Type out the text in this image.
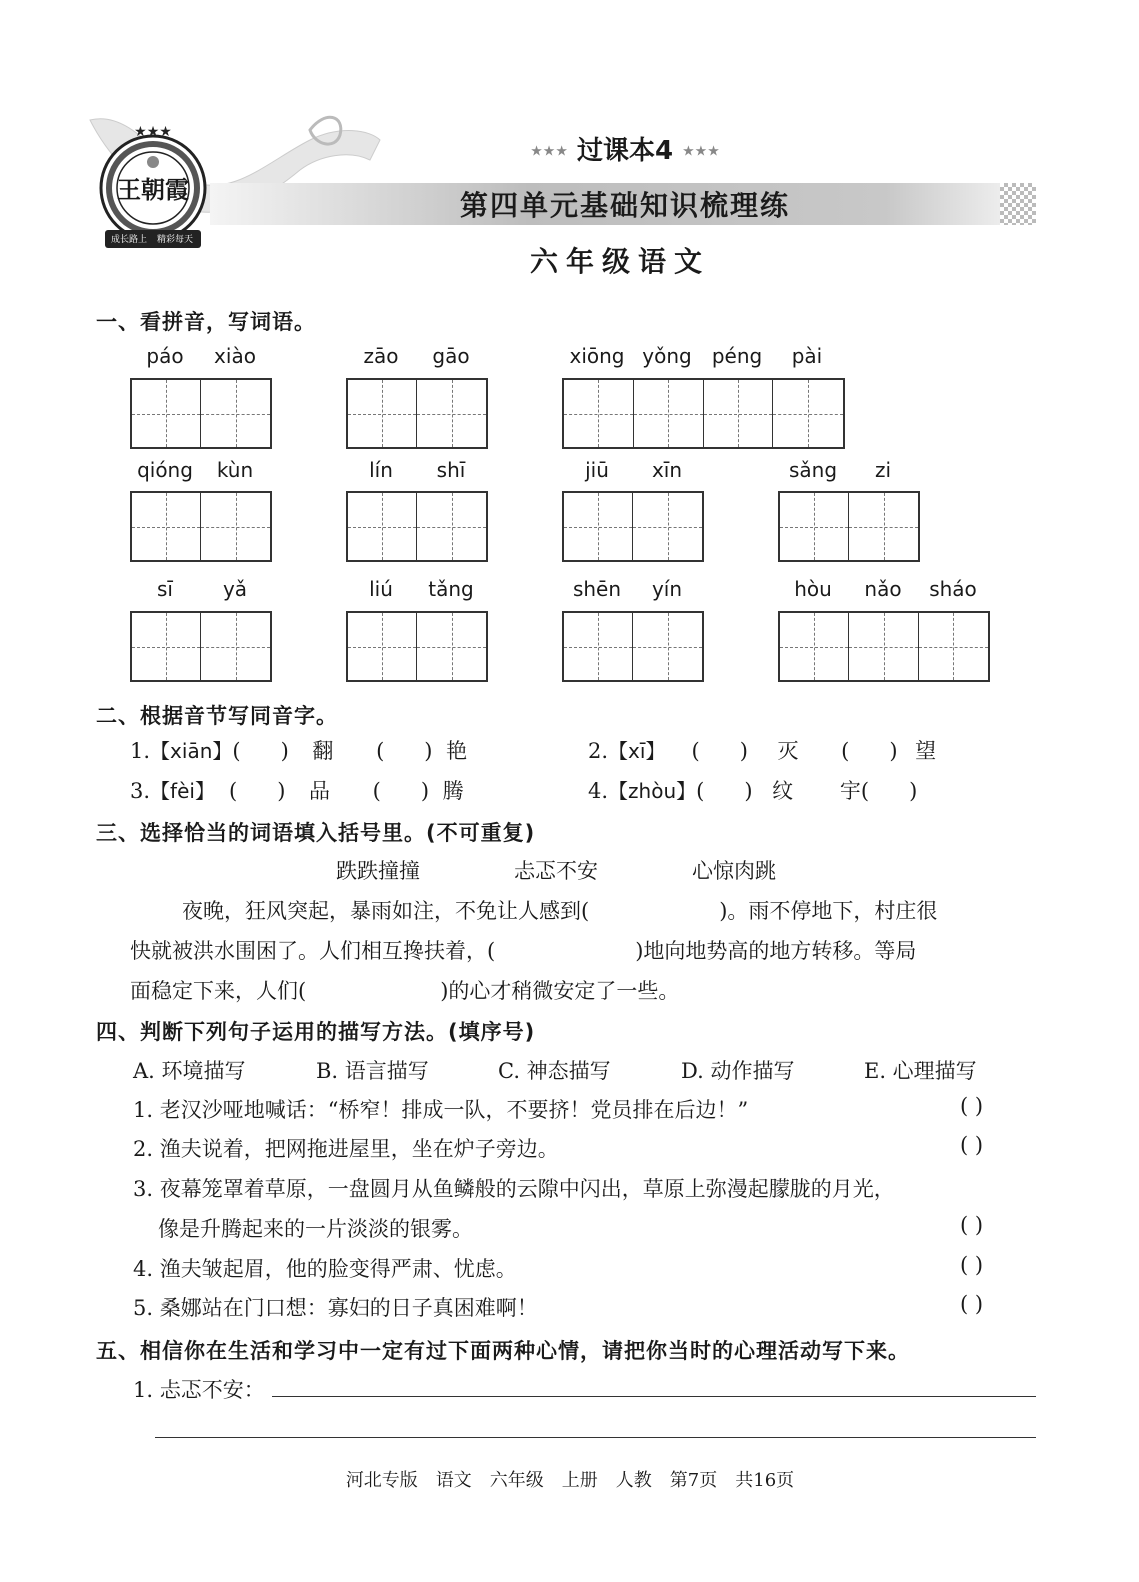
★★★
王朝霞
成长路上 精彩每天
★★★ 过课本4 ★★★
第四单元基础知识梳理练
六年级语文
一、看拼音，写词语。
páo	xiào	zāo	gāo	xiōng yǒng	péng	pài
qióng	kùn	lín	shī	jiū	xīn	sǎng	zi
sī	yǎ	liú	tǎng	shēn	yín	hòu	nǎo	sháo
二、根据音节写同音字。
1.【xiān】(      ) 翻 (      ) 艳	2.【xī】 (      ) 灭 (      ) 望
3.【fèi】 (      ) 品 (      ) 腾	4.【zhòu】(      ) 纹 宇(      )
三、选择恰当的词语填入括号里。(不可重复)
跌跌撞撞	忐忑不安	心惊肉跳
夜晚，狂风突起，暴雨如注，不免让人感到(	)。雨不停地下，村庄很
快就被洪水围困了。人们相互搀扶着，(	)地向地势高的地方转移。等局
面稳定下来，人们(	)的心才稍微安定了一些。
四、判断下列句子运用的描写方法。(填序号)
A. 环境描写	B. 语言描写	C. 神态描写	D. 动作描写	E. 心理描写
1. 老汉沙哑地喊话：“桥窄！排成一队，不要挤！党员排在后边！”	( )
2. 渔夫说着，把网拖进屋里，坐在炉子旁边。	( )
3. 夜幕笼罩着草原，一盘圆月从鱼鳞般的云隙中闪出，草原上弥漫起朦胧的月光，
像是升腾起来的一片淡淡的银雾。	( )
4. 渔夫皱起眉，他的脸变得严肃、忧虑。	( )
5. 桑娜站在门口想：寡妇的日子真困难啊！	( )
五、相信你在生活和学习中一定有过下面两种心情，请把你当时的心理活动写下来。
1. 忐忑不安：
河北专版　语文　六年级　上册　人教　第7页　共16页
